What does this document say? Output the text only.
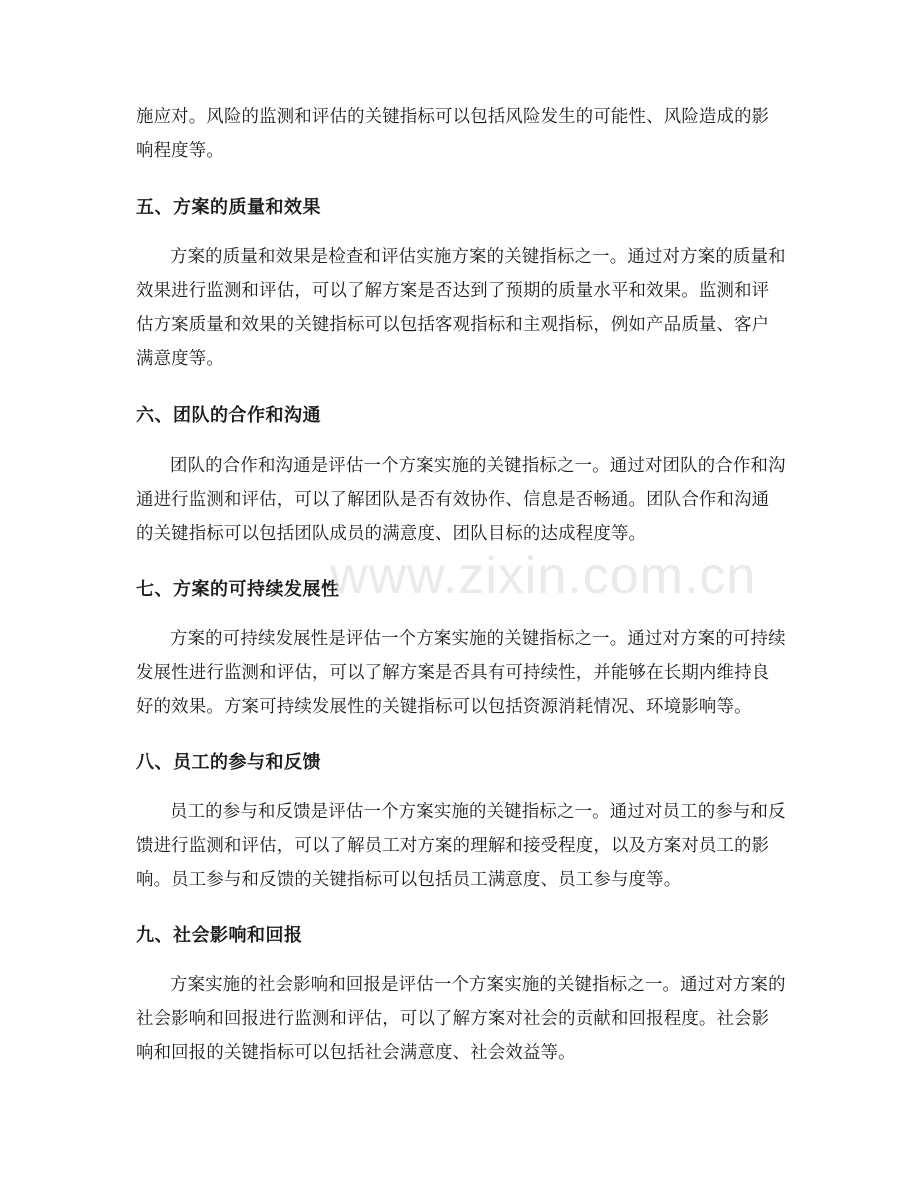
施应对。风险的监测和评估的关键指标可以包括风险发生的可能性、风险造成的影响程度等。

五、方案的质量和效果

方案的质量和效果是检查和评估实施方案的关键指标之一。通过对方案的质量和效果进行监测和评估，可以了解方案是否达到了预期的质量水平和效果。监测和评估方案质量和效果的关键指标可以包括客观指标和主观指标，例如产品质量、客户满意度等。

六、团队的合作和沟通

团队的合作和沟通是评估一个方案实施的关键指标之一。通过对团队的合作和沟通进行监测和评估，可以了解团队是否有效协作、信息是否畅通。团队合作和沟通的关键指标可以包括团队成员的满意度、团队目标的达成程度等。

七、方案的可持续发展性

方案的可持续发展性是评估一个方案实施的关键指标之一。通过对方案的可持续发展性进行监测和评估，可以了解方案是否具有可持续性，并能够在长期内维持良好的效果。方案可持续发展性的关键指标可以包括资源消耗情况、环境影响等。

八、员工的参与和反馈

员工的参与和反馈是评估一个方案实施的关键指标之一。通过对员工的参与和反馈进行监测和评估，可以了解员工对方案的理解和接受程度，以及方案对员工的影响。员工参与和反馈的关键指标可以包括员工满意度、员工参与度等。

九、社会影响和回报

方案实施的社会影响和回报是评估一个方案实施的关键指标之一。通过对方案的社会影响和回报进行监测和评估，可以了解方案对社会的贡献和回报程度。社会影响和回报的关键指标可以包括社会满意度、社会效益等。

www.zixin.com.cn
